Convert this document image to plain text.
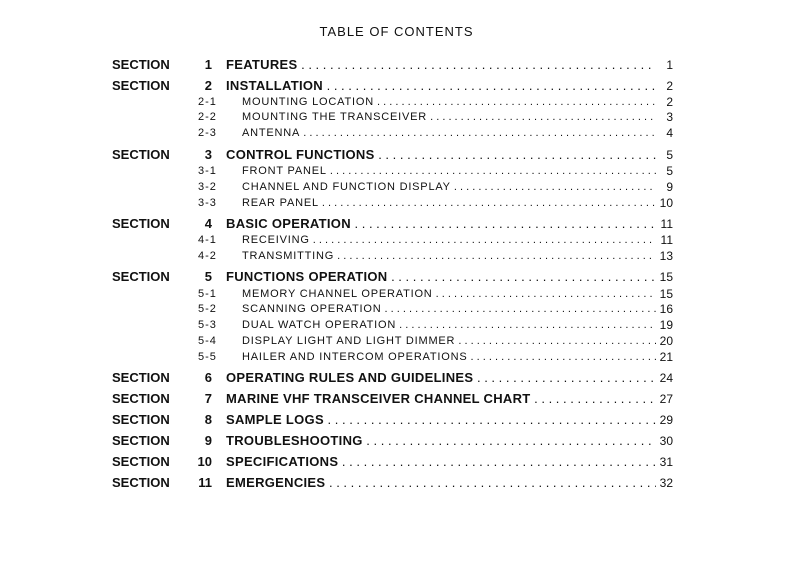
TABLE OF CONTENTS
SECTION	1 FEATURES . . .	1
SECTION	2 INSTALLATION . . .	2
2-1 MOUNTING LOCATION . . .	2
2-2 MOUNTING THE TRANSCEIVER . . .	3
2-3 ANTENNA . . .	4
SECTION	3 CONTROL FUNCTIONS . . .	5
3-1 FRONT PANEL . . .	5
3-2 CHANNEL AND FUNCTION DISPLAY . . .	9
3-3 REAR PANEL . . .	10
SECTION	4 BASIC OPERATION . . .	11
4-1 RECEIVING . . .	11
4-2 TRANSMITTING . . .	13
SECTION	5 FUNCTIONS OPERATION . . .	15
5-1 MEMORY CHANNEL OPERATION . . .	15
5-2 SCANNING OPERATION . . .	16
5-3 DUAL WATCH OPERATION . . .	19
5-4 DISPLAY LIGHT AND LIGHT DIMMER . . .	20
5-5 HAILER AND INTERCOM OPERATIONS . . .	21
SECTION	6 OPERATING RULES AND GUIDELINES . . .	24
SECTION	7 MARINE VHF TRANSCEIVER CHANNEL CHART . . .	27
SECTION	8 SAMPLE LOGS . . .	29
SECTION	9 TROUBLESHOOTING . . .	30
SECTION 10 SPECIFICATIONS . . .	31
SECTION	11 EMERGENCIES . . .	32
